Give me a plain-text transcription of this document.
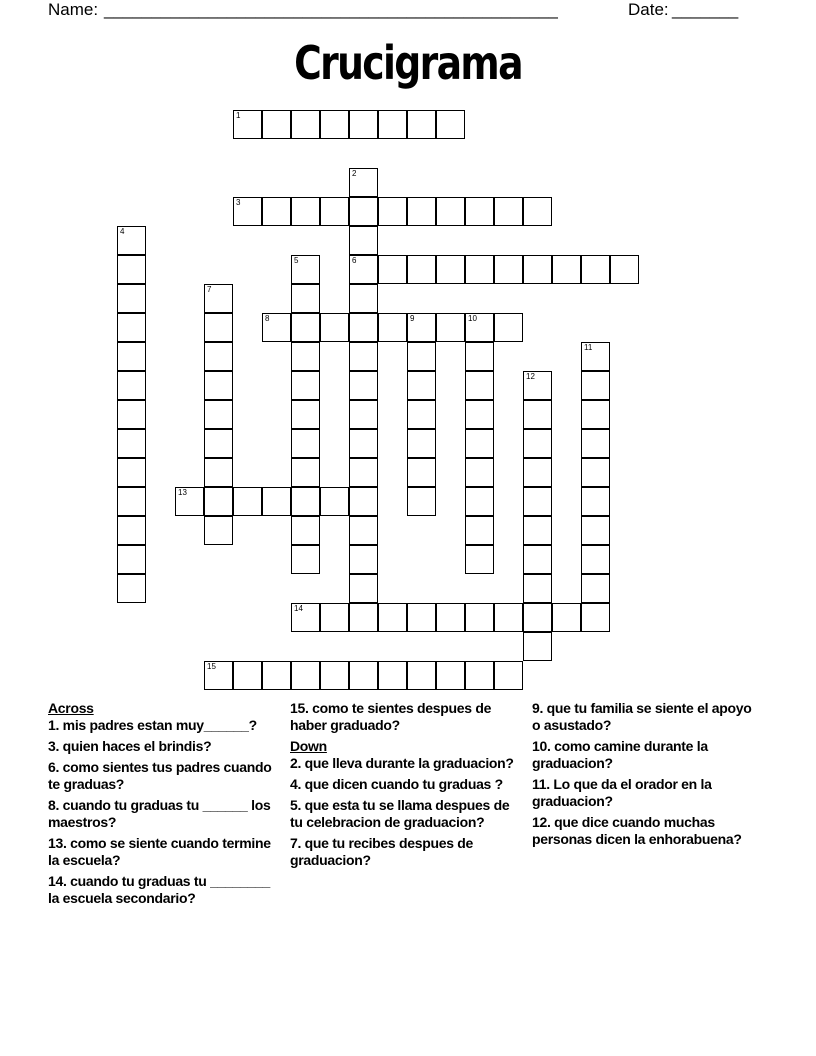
Name: ________________________________________________	Date: _______
Crucigrama
1
2
6
3
4
5
7
8	9	10
11
12
13
14
15
Across
1. mis padres estan muy______?
3. quien haces el brindis?
6. como sientes tus padres cuando te graduas?
8. cuando tu graduas tu ______ los maestros?
13. como se siente cuando termine la escuela?
14. cuando tu graduas tu ________ la escuela secondario?
15. como te sientes despues de haber graduado?
Down
2. que lleva durante la graduacion?
4. que dicen cuando tu graduas ?
5. que esta tu se llama despues de tu celebracion de graduacion?
7. que tu recibes despues de graduacion?
9. que tu familia se siente el apoyo o asustado?
10. como camine durante la graduacion?
11. Lo que da el orador en la graduacion?
12. que dice cuando muchas personas dicen la enhorabuena?
